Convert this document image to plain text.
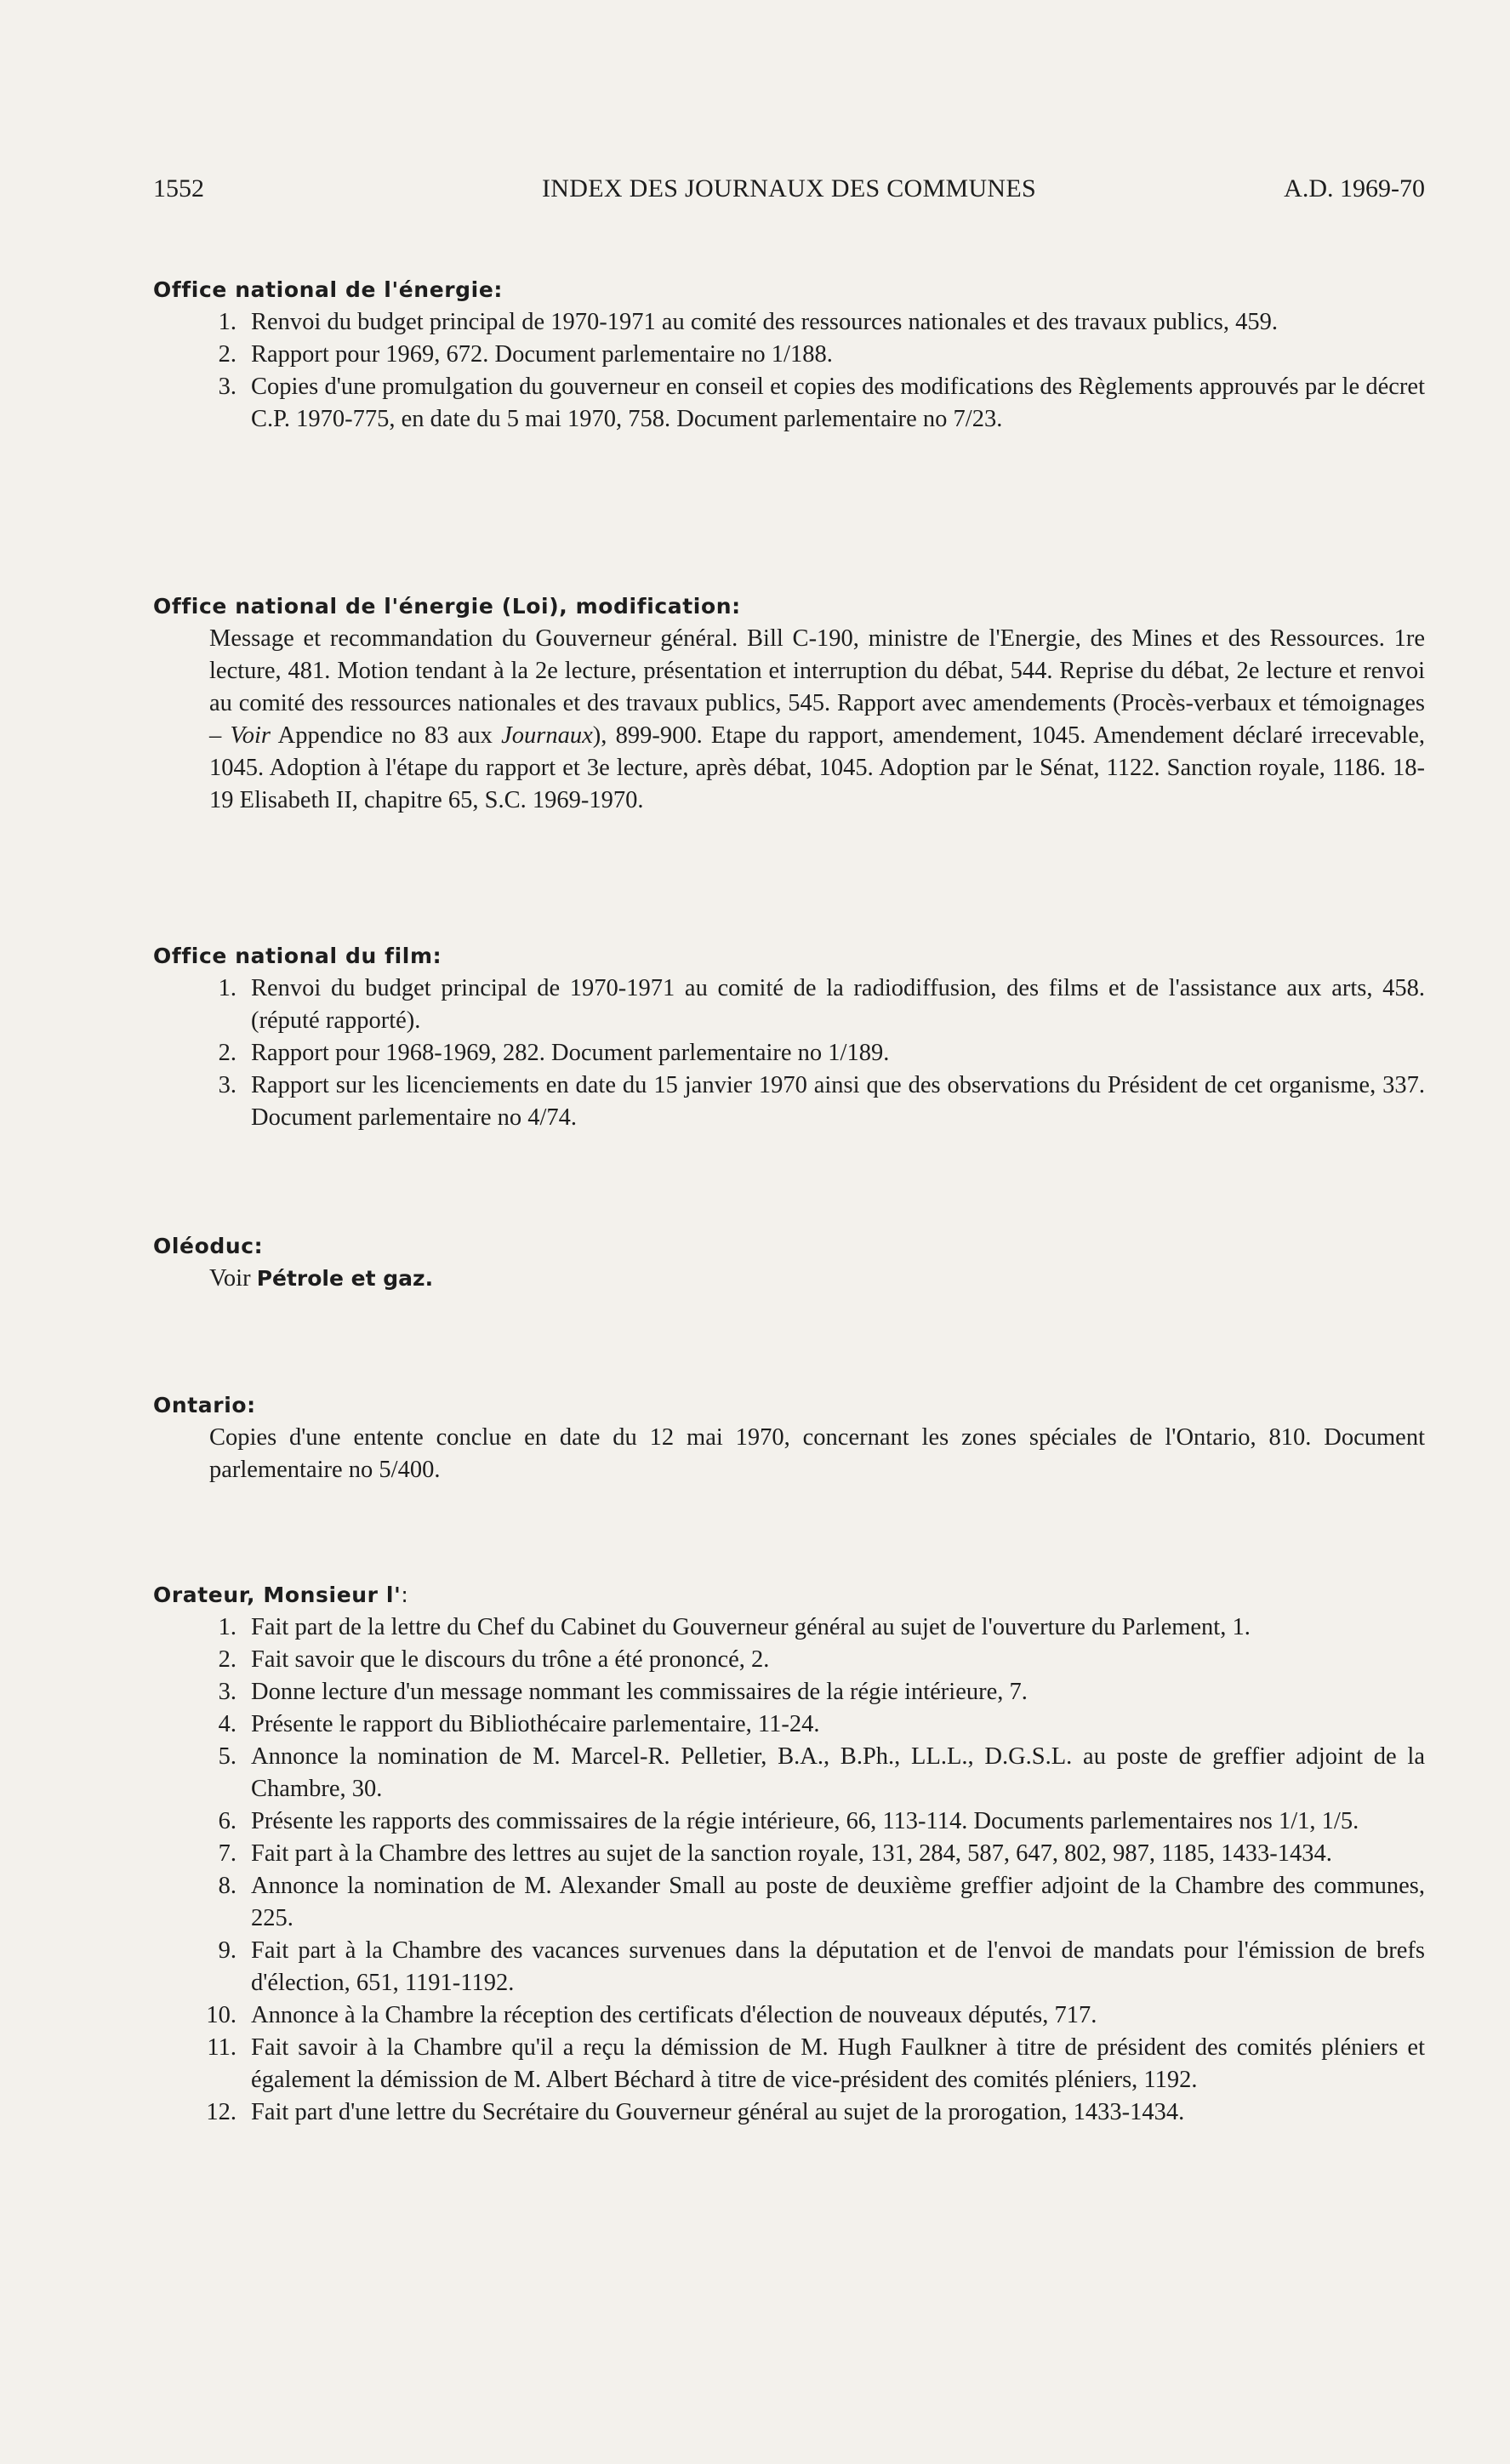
1552	INDEX DES JOURNAUX DES COMMUNES	A.D. 1969-70
Office national de l'énergie:
1. Renvoi du budget principal de 1970-1971 au comité des ressources nationales et des travaux publics, 459.
2. Rapport pour 1969, 672. Document parlementaire no 1/188.
3. Copies d'une promulgation du gouverneur en conseil et copies des modifications des Règlements approuvés par le décret C.P. 1970-775, en date du 5 mai 1970, 758. Document parlementaire no 7/23.
Office national de l'énergie (Loi), modification:
Message et recommandation du Gouverneur général. Bill C-190, ministre de l'Energie, des Mines et des Ressources. 1re lecture, 481. Motion tendant à la 2e lecture, présentation et interruption du débat, 544. Reprise du débat, 2e lecture et renvoi au comité des ressources nationales et des travaux publics, 545. Rapport avec amendements (Procès-verbaux et témoignages – Voir Appendice no 83 aux Journaux), 899-900. Etape du rapport, amendement, 1045. Amendement déclaré irrecevable, 1045. Adoption à l'étape du rapport et 3e lecture, après débat, 1045. Adoption par le Sénat, 1122. Sanction royale, 1186. 18-19 Elisabeth II, chapitre 65, S.C. 1969-1970.
Office national du film:
1. Renvoi du budget principal de 1970-1971 au comité de la radiodiffusion, des films et de l'assistance aux arts, 458. (réputé rapporté).
2. Rapport pour 1968-1969, 282. Document parlementaire no 1/189.
3. Rapport sur les licenciements en date du 15 janvier 1970 ainsi que des observations du Président de cet organisme, 337. Document parlementaire no 4/74.
Oléoduc:
Voir Pétrole et gaz.
Ontario:
Copies d'une entente conclue en date du 12 mai 1970, concernant les zones spéciales de l'Ontario, 810. Document parlementaire no 5/400.
Orateur, Monsieur l':
1. Fait part de la lettre du Chef du Cabinet du Gouverneur général au sujet de l'ouverture du Parlement, 1.
2. Fait savoir que le discours du trône a été prononcé, 2.
3. Donne lecture d'un message nommant les commissaires de la régie intérieure, 7.
4. Présente le rapport du Bibliothécaire parlementaire, 11-24.
5. Annonce la nomination de M. Marcel-R. Pelletier, B.A., B.Ph., LL.L., D.G.S.L. au poste de greffier adjoint de la Chambre, 30.
6. Présente les rapports des commissaires de la régie intérieure, 66, 113-114. Documents parlementaires nos 1/1, 1/5.
7. Fait part à la Chambre des lettres au sujet de la sanction royale, 131, 284, 587, 647, 802, 987, 1185, 1433-1434.
8. Annonce la nomination de M. Alexander Small au poste de deuxième greffier adjoint de la Chambre des communes, 225.
9. Fait part à la Chambre des vacances survenues dans la députation et de l'envoi de mandats pour l'émission de brefs d'élection, 651, 1191-1192.
10. Annonce à la Chambre la réception des certificats d'élection de nouveaux députés, 717.
11. Fait savoir à la Chambre qu'il a reçu la démission de M. Hugh Faulkner à titre de président des comités pléniers et également la démission de M. Albert Béchard à titre de vice-président des comités pléniers, 1192.
12. Fait part d'une lettre du Secrétaire du Gouverneur général au sujet de la prorogation, 1433-1434.
